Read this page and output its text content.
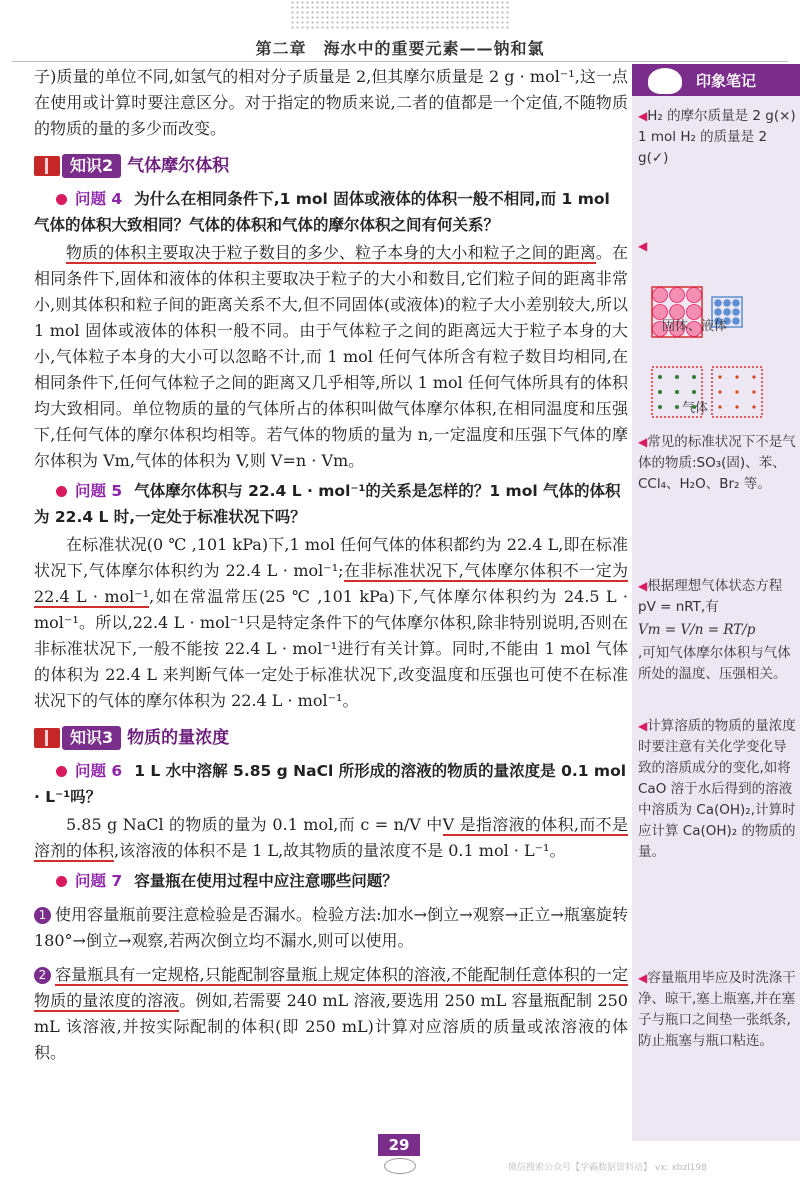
第二章　海水中的重要元素——钠和氯

子)质量的单位不同,如氢气的相对分子质量是 2,但其摩尔质量是 2 g · mol⁻¹,这一点在使用或计算时要注意区分。对于指定的物质来说,二者的值都是一个定值,不随物质的物质的量的多少而改变。

知识2 气体摩尔体积
问题 4 为什么在相同条件下,1 mol 固体或液体的体积一般不相同,而 1 mol 气体的体积大致相同？气体的体积和气体的摩尔体积之间有何关系？

物质的体积主要取决于粒子数目的多少、粒子本身的大小和粒子之间的距离。在相同条件下,固体和液体的体积主要取决于粒子的大小和数目,它们粒子间的距离非常小,则其体积和粒子间的距离关系不大,但不同固体(或液体)的粒子大小差别较大,所以 1 mol 固体或液体的体积一般不同。由于气体粒子之间的距离远大于粒子本身的大小,气体粒子本身的大小可以忽略不计,而 1 mol 任何气体所含有粒子数目均相同,在相同条件下,任何气体粒子之间的距离又几乎相等,所以 1 mol 任何气体所具有的体积均大致相同。单位物质的量的气体所占的体积叫做气体摩尔体积,在相同温度和压强下,任何气体的摩尔体积均相等。若气体的物质的量为 n,一定温度和压强下气体的摩尔体积为 Vm,气体的体积为 V,则 V=n · Vm。

问题 5 气体摩尔体积与 22.4 L · mol⁻¹的关系是怎样的？1 mol 气体的体积为 22.4 L 时,一定处于标准状况下吗？

在标准状况(0 ℃ ,101 kPa)下,1 mol 任何气体的体积都约为 22.4 L,即在标准状况下,气体摩尔体积约为 22.4 L · mol⁻¹;在非标准状况下,气体摩尔体积不一定为 22.4 L · mol⁻¹,如在常温常压(25 ℃ ,101 kPa)下,气体摩尔体积约为 24.5 L · mol⁻¹。所以,22.4 L · mol⁻¹只是特定条件下的气体摩尔体积,除非特别说明,否则在非标准状况下,一般不能按 22.4 L · mol⁻¹进行有关计算。同时,不能由 1 mol 气体的体积为 22.4 L 来判断气体一定处于标准状况下,改变温度和压强也可使不在标准状况下的气体的摩尔体积为 22.4 L · mol⁻¹。

知识3 物质的量浓度
问题 6 1 L 水中溶解 5.85 g NaCl 所形成的溶液的物质的量浓度是 0.1 mol · L⁻¹吗？

5.85 g NaCl 的物质的量为 0.1 mol,而 c = n/V 中V 是指溶液的体积,而不是溶剂的体积,该溶液的体积不是 1 L,故其物质的量浓度不是 0.1 mol · L⁻¹。

问题 7 容量瓶在使用过程中应注意哪些问题？

1 使用容量瓶前要注意检验是否漏水。检验方法:加水→倒立→观察→正立→瓶塞旋转 180°→倒立→观察,若两次倒立均不漏水,则可以使用。

2 容量瓶具有一定规格,只能配制容量瓶上规定体积的溶液,不能配制任意体积的一定物质的量浓度的溶液。例如,若需要 240 mL 溶液,要选用 250 mL 容量瓶配制 250 mL 该溶液,并按实际配制的体积(即 250 mL)计算对应溶质的质量或浓溶液的体积。

印象笔记
◀H₂ 的摩尔质量是 2 g(×)
1 mol H₂ 的质量是 2 g(✓)
◀
固体、液体
气体
◀常见的标准状况下不是气体的物质:SO₃(固)、苯、CCl₄、H₂O、Br₂ 等。
◀根据理想气体状态方程 pV = nRT,有
Vm = V/n = RT/p
,可知气体摩尔体积与气体所处的温度、压强相关。
◀计算溶质的物质的量浓度时要注意有关化学变化导致的溶质成分的变化,如将 CaO 溶于水后得到的溶液中溶质为 Ca(OH)₂,计算时应计算 Ca(OH)₂ 的物质的量。
◀容量瓶用毕应及时洗涤干净、晾干,塞上瓶塞,并在塞子与瓶口之间垫一张纸条,防止瓶塞与瓶口粘连。
29
微信搜索公众号【学霸数据资料站】 vx: xbzl198
